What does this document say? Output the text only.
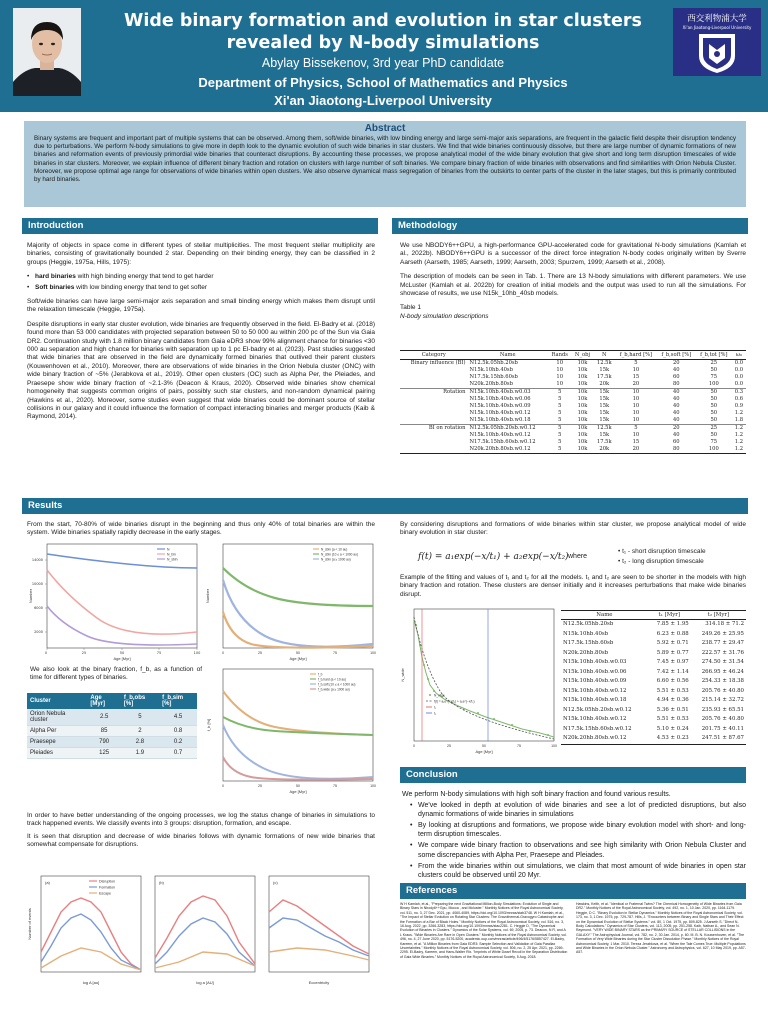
Wide binary formation and evolution in star clusters revealed by N-body simulations
Abylay Bissekenov, 3rd year PhD candidate
Department of Physics, School of Mathematics and Physics
Xi'an Jiaotong-Liverpool University
西交利物浦大学
Xi'an Jiaotong-Liverpool University
Abstract
Binary systems are frequent and important part of multiple systems that can be observed. Among them, soft/wide binaries, with low binding energy and large semi-major axis separations, are frequent in the galactic field despite their disruption tendency due to perturbations. We perform N-body simulations to give more in depth look to the dynamic evolution of such wide binaries in star clusters. We find that wide binaries continuously dissolve, but there are large number of dynamic formations of new binaries and reformation events of previously primordial wide binaries that counteract disruptions. By accounting these processes, we propose analytical model of the wide binary evolution that give short and long term disruption timescales of wide binaries in star clusters. Moreover, we explain influence of different binary fraction and rotation on clusters with large number of soft binaries. We compare binary fraction of wide binaries with observations and find similarities with Orion Nebula Cluster. Moreover, we propose optimal age range for observations of wide binaries within open clusters. We also observe dynamical mass segregation of binaries from the outskirts to center parts of the cluster in the later stages, but this is primarily contributed by hard binaries.
Introduction

Majority of objects in space come in different types of stellar multiplicities. The most frequent stellar multiplicity are binaries, consisting of gravitationally bounded 2 star. Depending on their binding energy, they can be classified in 2 groups (Heggie, 1975a, Hills, 1975):

• hard binaries with high binding energy that tend to get harder
• Soft binaries with low binding energy that tend to get softer

Soft/wide binaries can have large semi-major axis separation and small binding energy which makes them disrupt until the relaxation timescale (Heggie, 1975a).

Despite disruptions in early star cluster evolution, wide binaries are frequently observed in the field. El-Badry et al. (2018) found more than 53 000 candidates with projected separation between 50 to 50 000 au within 200 pc of the Sun via Gaia DR2. Continuation study with 1.8 million binary candidates from Gaia eDR3 show 99% alignment chance for binaries <30 000 au separation and high chance for binaries with separation up to 1 pc El-badry et al. (2023). Past studies suggested that wide binaries that are observed in the field are dynamically formed binaries that outlived their parent clusters (Kouwenhoven et al., 2010). Moreover, there are observations of wide binaries in the Orion Nebula cluster (ONC) with wide binary fraction of ~5% (Jerabkova et al., 2019). Other open clusters (OC) such as Alpha Per, the Pleiades, and Praesepe show wide binary fraction of ~2.1-3% (Deacon & Kraus, 2020). Observed wide binaries show chemical homogeneity that suggests common origins of pairs, possibly such star clusters, and non-random dynamical pairing (Hawkins et al., 2020). Moreover, some studies even suggest that wide binaries could be dominant source of stellar collisions in our galaxy and it could influence the formation of compact interacting binaries and merger products (Kaib & Raymond, 2014).

Methodology

We use NBODY6++GPU, a high-performance GPU-accelerated code for gravitational N-body simulations (Kamlah et al., 2022b). NBODY6++GPU is a successor of the direct force integration N-body codes originally written by Sverre Aarseth (Aarseth, 1985; Aarseth, 1999; Aarseth, 2003; Spurzem, 1999; Aarseth et al., 2008).

The description of models can be seen in Tab. 1. There are 13 N-body simulations with different parameters. We use McLuster (Kamlah et al. 2022b) for creation of initial models and the output was used to run all the simulations. For showcase of results, we use N15k_10hb_40sb models.

Table 1
N-body simulation descriptions
Category	Name	Rands	N_obj	N	f_b,hard [%]	f_b,soft [%]	f_b,tot [%]	ω₀
Binary influence (BI)	N12.5k.05hb.20sb	10	10k	12.5k	5	20	25	0.0
	N15k.10hb.40sb	10	10k	15k	10	40	50	0.0
	N17.5k.15hb.60sb	10	10k	17.5k	15	60	75	0.0
	N20k.20hb.80sb	10	10k	20k	20	80	100	0.0
Rotation	N15k.10hb.40sb.w0.03	5	10k	15k	10	40	50	0.3
	N15k.10hb.40sb.w0.06	5	10k	15k	10	40	50	0.6
	N15k.10hb.40sb.w0.09	5	10k	15k	10	40	50	0.9
	N15k.10hb.40sb.w0.12	5	10k	15k	10	40	50	1.2
	N15k.10hb.40sb.w0.18	5	10k	15k	10	40	50	1.8
BI on rotation	N12.5k.05hb.20sb.w0.12	5	10k	12.5k	5	20	25	1.2
	N15k.10hb.40sb.w0.12	5	10k	15k	10	40	50	1.2
	N17.5k.15hb.60sb.w0.12	5	10k	17.5k	15	60	75	1.2
	N20k.20hb.80sb.w0.12	5	10k	20k	20	80	100	1.2
Results
From the start, 70-80% of wide binaries disrupt in the beginning and thus only 40% of total binaries are within the system. Wide binaries spatially rapidly decrease in the early stages.
0	25	50	75	100
14000
10000
6000
2000
Age [Myr]
Number
N
N_bin
N_sbin
0	25	50	75	100
Age [Myr]
Number
N_sbin (a < 10 au)
N_sbin (10 ≤ a < 1000 au)
N_sbin (a ≥ 1000 au)
We also look at the binary fraction, f_b, as a function of time for different types of binaries.
Cluster	Age [Myr]	f_b,obs [%]	f_b,sim [%]
Orion Nebula cluster	2.5	5	4.5
Alpha Per	85	2	0.8
Praesepe	790	2.8	0.2
Pleiades	125	1.9	0.7
0	25	50	75	100
Age [Myr]
f_b [%]
f_b
f_b,hard (a < 10 au)
f_b,soft (10 ≤ a < 1000 au)
f_b,wide (a ≥ 1000 au)

In order to have better understanding of the ongoing processes, we log the status change of binaries in simulations to track happened events. We classify events into 3 groups: disruption, formation, and escape.

It is seen that disruption and decrease of wide binaries follows with dynamic formations of new wide binaries that somewhat compensate for disruptions.

(a)
log A [au]
Disruption
Formation
Escape
(b)
log a [AU]
(c)
Eccentricity
Number of events
By considering disruptions and formations of wide binaries within star cluster, we propose analytical model of wide binary evolution in star cluster:
f(t) = a₁exp(−x/t₁) + a₂exp(−x/t₂) where
• t₁ - short disruption timescale
• t₂ - long disruption timescale
Example of the fitting and values of t₁ and t₂ for all the models. t₁ and t₂ are seen to be shorter in the models with high binary fraction and rotation. These clusters are denser initially and it increases perturbations that make wide binaries disrupt.
0	25	50	75	100
Age [Myr]
N_wide
N_wide
f(t) = a₁e^(−x/t₁) + a₂e^(−x/t₂)
t₁
t₂
Name	t₁ [Myr]	t₂ [Myr]
N12.5k.05hb.20sb	7.85 ± 1.95	314.18 ± 71.2
N15k.10hb.40sb	6.23 ± 0.88	249.26 ± 25.95
N17.5k.15hb.60sb	5.92 ± 0.71	238.77 ± 29.47
N20k.20hb.80sb	5.89 ± 0.77	222.57 ± 31.76
N15k.10hb.40sb.w0.03	7.45 ± 0.97	274.50 ± 31.54
N15k.10hb.40sb.w0.06	7.42 ± 1.14	266.95 ± 46.24
N15k.10hb.40sb.w0.09	6.60 ± 0.56	254.33 ± 18.38
N15k.10hb.40sb.w0.12	5.51 ± 0.53	205.76 ± 40.80
N15k.10hb.40sb.w0.18	4.94 ± 0.36	215.14 ± 32.72
N12.5k.05hb.20sb.w0.12	5.36 ± 0.51	235.93 ± 65.51
N15k.10hb.40sb.w0.12	5.51 ± 0.53	205.76 ± 40.80
N17.5k.15hb.60sb.w0.12	5.10 ± 0.24	201.75 ± 40.11
N20k.20hb.80sb.w0.12	4.53 ± 0.23	247.51 ± 87.67
Conclusion

We perform N-body simulations with high soft binary fraction and found various results.

• We've looked in depth at evolution of wide binaries and see a lot of predicted disruptions, but also dynamic formations of wide binaries in simulations
• By looking at disruptions and formations, we propose wide binary evolution model with short- and long-term disruption timescales.
• We compare wide binary fraction to observations and see high similarity with Orion Nebula Cluster and some discrepancies with Alpha Per, Praesepe and Pleiades.
• From the wide binaries within out simulations, we claim that most amount of wide binaries in open star clusters could be observed until 20 Myr.
References
W H Kamlah, et al., "Preparing the next Gravitational Million-Body Simulations: Evolution of Single and Binary Stars in Nbody6++Gpu, Mocca , and Mcluster." Monthly Notices of the Royal Astronomical Society, vol. 511, no. 3, 27 Dec. 2021, pp. 4060-4089, https://doi.org/10.1093/mnras/stab3748. W H Kamlah, et al., "The Impact of Stellar Evolution on Rotating Star Clusters: The Gravothermal-Gravogyro Catastrophe and the Formation of a Bar of Black Holes." Monthly Notices of the Royal Astronomical Society, vol. 516, no. 3, 16 Aug. 2022, pp. 3266-3283, https://doi.org/10.1093/mnras/stac2281. C. Heggie D, "The Dynamical Evolution of Binaries in Clusters." Dynamics of the Solar Systems, vol. 69, 2005, p. 73. Deacon, N R, and A L Kraus. "Wide Binaries Are Rare in Open Clusters." Monthly Notices of the Royal Astronomical Society, vol. 496, no. 4, 27 June 2020, pp. 5176-5200, academic.oup.com/mnras/article/496/4/5176/5857427. El-Badry, Kareem, et al. "A Million Binaries from Gaia EDR3: Sample Selection and Validation of Gaia Parallax Uncertainties." Monthly Notices of the Royal Astronomical Society, vol. 506, no. 2, 25 Apr. 2021, pp. 2269-2295. El-Badry, Kareem, and Hans-Walter Rix. "Imprints of White Dwarf Recoil in the Separation Distribution of Gaia Wide Binaries." Monthly Notices of the Royal Astronomical Society, 5 Aug. 2018.
Hawkins, Keith, et al. "Identical or Fraternal Twins? The Chemical Homogeneity of Wide Binaries from Gaia DR2." Monthly Notices of the Royal Astronomical Society, vol. 492, no. 1, 10 Jan. 2020, pp. 1164-1179. Heggie, D C. "Binary Evolution in Stellar Dynamics." Monthly Notices of the Royal Astronomical Society, vol. 173, no. 3, 1 Dec. 1975, pp. 729-787. Hills, J. "Encounters between Binary and Single Stars and Their Effect on the Dynamical Evolution of Stellar Systems." vol. 80, 1 Oct. 1975, pp. 809-825. J Aarseth S. "Direct N-Body Calculations." Dynamics of Star Clusters, vol. 113, 2005, pp. 251-258. Kaib, Nathan A., and Sean N. Raymond. "VERY WIDE BINARY STARS as the PRIMARY SOURCE of STELLAR COLLISIONS in the GALAXY." The Astrophysical Journal, vol. 782, no. 2, 30 Jan. 2014, p. 60. M. B. N. Kouwenhoven, et al. "The Formation of Very Wide Binaries during the Star Cluster Dissolution Phase." Monthly Notices of the Royal Astronomical Society, 1 Mar. 2010. Tereza Jerabkova, et al. "When the Tale Comes True: Multiple Populations and Wide Binaries in the Orion Nebula Cluster." Astronomy and Astrophysics, vol. 627, 10 May 2019, pp. A57-A57.
